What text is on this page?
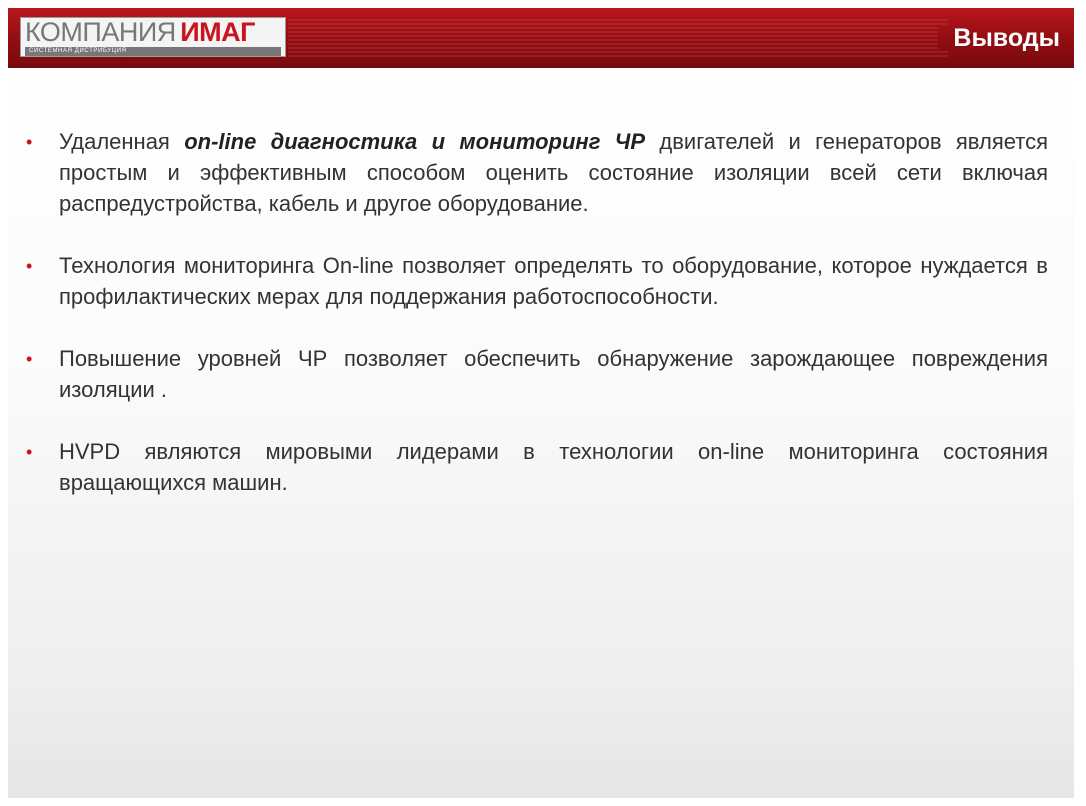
КОМПАНИЯ ИМАГ
СИСТЕМНАЯ ДИСТРИБУЦИЯ	Выводы
• Удаленная on-line диагностика и мониторинг ЧР двигателей и генераторов является простым и эффективным способом оценить состояние изоляции всей сети включая распредустройства, кабель и другое оборудование.
• Технология мониторинга On-line позволяет определять то оборудование, которое нуждается в профилактических мерах для поддержания работоспособности.
• Повышение уровней ЧР позволяет обеспечить обнаружение зарождающее повреждения изоляции .
• HVPD являются мировыми лидерами в технологии on-line мониторинга состояния вращающихся машин.
